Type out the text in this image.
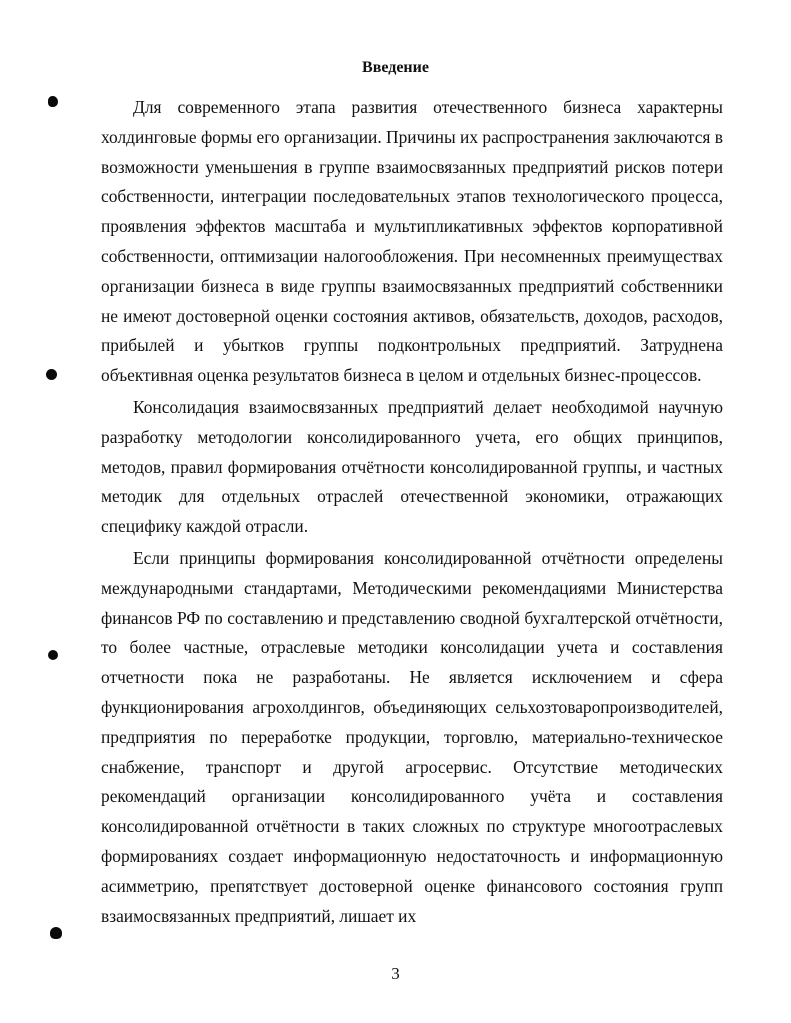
Введение

Для современного этапа развития отечественного бизнеса характерны холдинговые формы его организации. Причины их распространения заключаются в возможности уменьшения в группе взаимосвязанных предприятий рисков потери собственности, интеграции последовательных этапов технологического процесса, проявления эффектов масштаба и мультипликативных эффектов корпоративной собственности, оптимизации налогообложения. При несомненных преимуществах организации бизнеса в виде группы взаимосвязанных предприятий собственники не имеют достоверной оценки состояния активов, обязательств, доходов, расходов, прибылей и убытков группы подконтрольных предприятий. Затруднена объективная оценка результатов бизнеса в целом и отдельных бизнес-процессов.

Консолидация взаимосвязанных предприятий делает необходимой научную разработку методологии консолидированного учета, его общих принципов, методов, правил формирования отчётности консолидированной группы, и частных методик для отдельных отраслей отечественной экономики, отражающих специфику каждой отрасли.

Если принципы формирования консолидированной отчётности определены международными стандартами, Методическими рекомендациями Министерства финансов РФ по составлению и представлению сводной бухгалтерской отчётности, то более частные, отраслевые методики консолидации учета и составления отчетности пока не разработаны. Не является исключением и сфера функционирования агрохолдингов, объединяющих сельхозтоваропроизводителей, предприятия по переработке продукции, торговлю, материально-техническое снабжение, транспорт и другой агросервис. Отсутствие методических рекомендаций организации консолидированного учёта и составления консолидированной отчётности в таких сложных по структуре многоотраслевых формированиях создает информационную недостаточность и информационную асимметрию, препятствует достоверной оценке финансового состояния групп взаимосвязанных предприятий, лишает их

3
